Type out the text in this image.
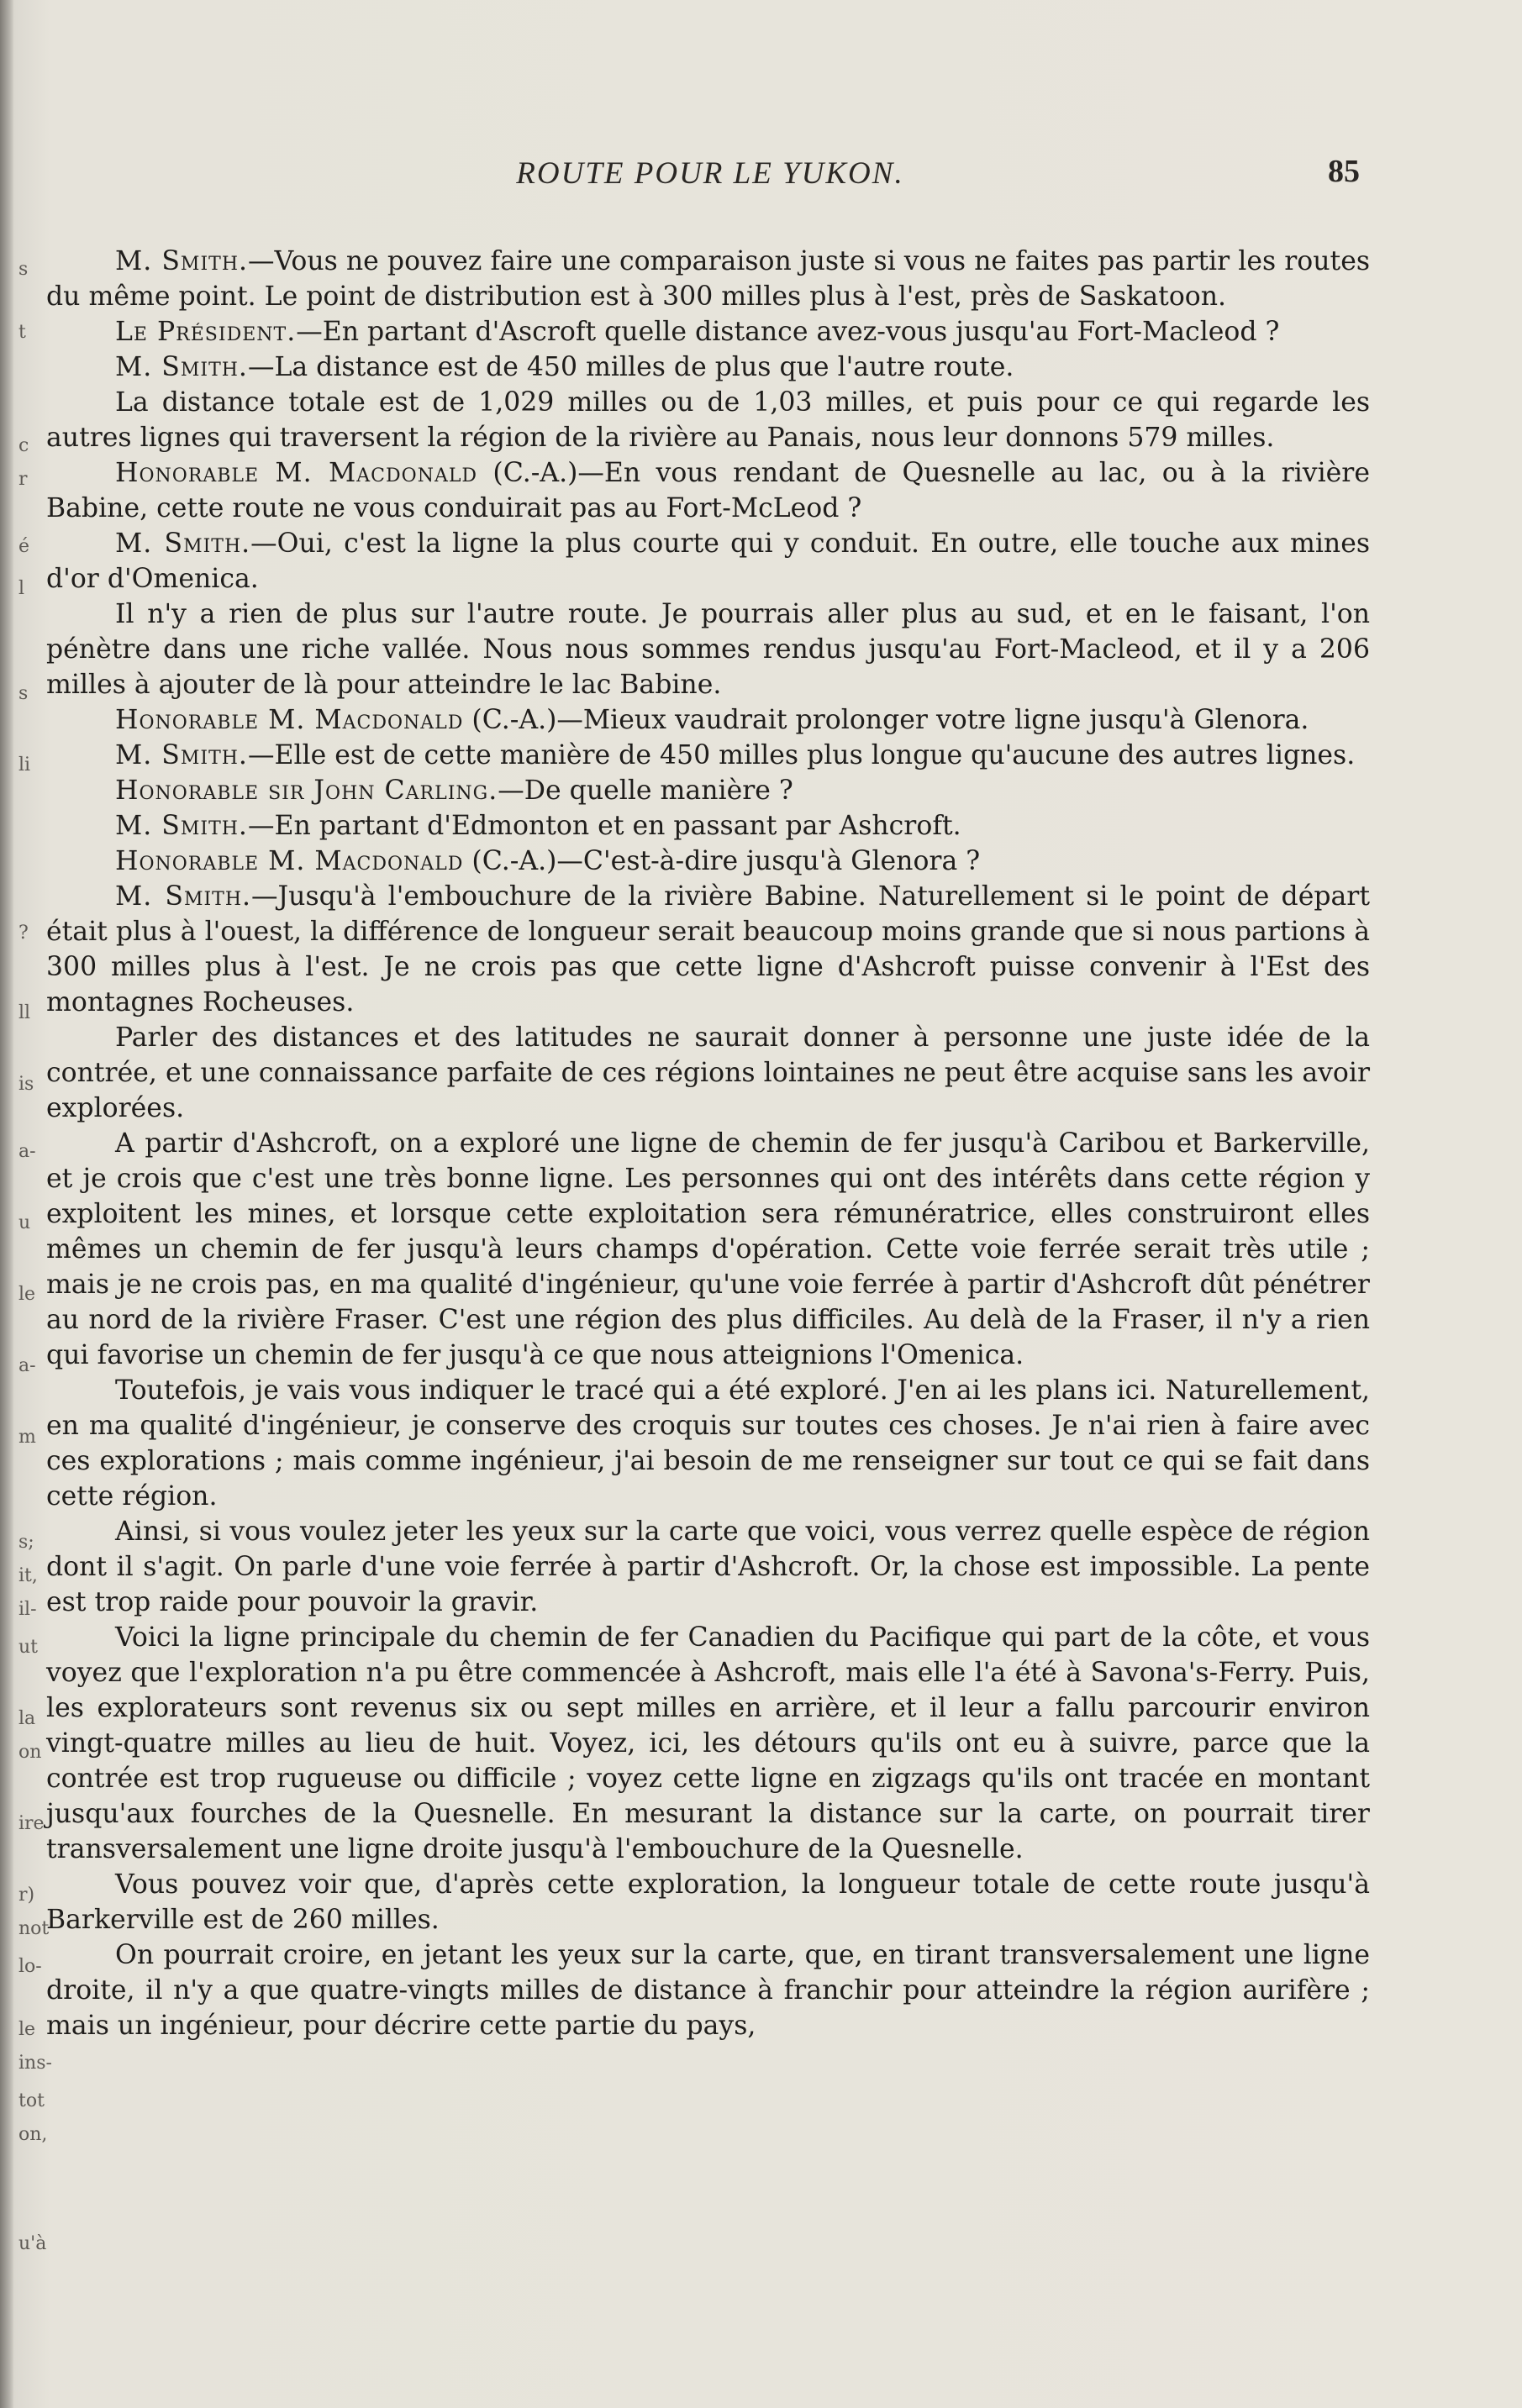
s
t
c
r
é
l
s
li
?
ll
is
a-
u
le
a-
m
s;
it,
il-
ut
la
on
ire
r)
not
lo-
le
ins-
tot
on,
u'à
ROUTE POUR LE YUKON.	85

M. Smith.—Vous ne pouvez faire une comparaison juste si vous ne faites pas partir les routes du même point. Le point de distribution est à 300 milles plus à l'est, près de Saskatoon.

Le Président.—En partant d'Ascroft quelle distance avez-vous jusqu'au Fort-Macleod ?

M. Smith.—La distance est de 450 milles de plus que l'autre route.

La distance totale est de 1,029 milles ou de 1,03 milles, et puis pour ce qui regarde les autres lignes qui traversent la région de la rivière au Panais, nous leur donnons 579 milles.

Honorable M. Macdonald (C.-A.)—En vous rendant de Quesnelle au lac, ou à la rivière Babine, cette route ne vous conduirait pas au Fort-McLeod ?

M. Smith.—Oui, c'est la ligne la plus courte qui y conduit. En outre, elle touche aux mines d'or d'Omenica.

Il n'y a rien de plus sur l'autre route. Je pourrais aller plus au sud, et en le faisant, l'on pénètre dans une riche vallée. Nous nous sommes rendus jusqu'au Fort-Macleod, et il y a 206 milles à ajouter de là pour atteindre le lac Babine.

Honorable M. Macdonald (C.-A.)—Mieux vaudrait prolonger votre ligne jusqu'à Glenora.

M. Smith.—Elle est de cette manière de 450 milles plus longue qu'aucune des autres lignes.

Honorable sir John Carling.—De quelle manière ?

M. Smith.—En partant d'Edmonton et en passant par Ashcroft.

Honorable M. Macdonald (C.-A.)—C'est-à-dire jusqu'à Glenora ?

M. Smith.—Jusqu'à l'embouchure de la rivière Babine. Naturellement si le point de départ était plus à l'ouest, la différence de longueur serait beaucoup moins grande que si nous partions à 300 milles plus à l'est. Je ne crois pas que cette ligne d'Ashcroft puisse convenir à l'Est des montagnes Rocheuses.

Parler des distances et des latitudes ne saurait donner à personne une juste idée de la contrée, et une connaissance parfaite de ces régions lointaines ne peut être acquise sans les avoir explorées.

A partir d'Ashcroft, on a exploré une ligne de chemin de fer jusqu'à Caribou et Barkerville, et je crois que c'est une très bonne ligne. Les personnes qui ont des intérêts dans cette région y exploitent les mines, et lorsque cette exploitation sera rémunératrice, elles construiront elles mêmes un chemin de fer jusqu'à leurs champs d'opération. Cette voie ferrée serait très utile ; mais je ne crois pas, en ma qualité d'ingénieur, qu'une voie ferrée à partir d'Ashcroft dût pénétrer au nord de la rivière Fraser. C'est une région des plus difficiles. Au delà de la Fraser, il n'y a rien qui favorise un chemin de fer jusqu'à ce que nous atteignions l'Omenica.

Toutefois, je vais vous indiquer le tracé qui a été exploré. J'en ai les plans ici. Naturellement, en ma qualité d'ingénieur, je conserve des croquis sur toutes ces choses. Je n'ai rien à faire avec ces explorations ; mais comme ingénieur, j'ai besoin de me renseigner sur tout ce qui se fait dans cette région.

Ainsi, si vous voulez jeter les yeux sur la carte que voici, vous verrez quelle espèce de région dont il s'agit. On parle d'une voie ferrée à partir d'Ashcroft. Or, la chose est impossible. La pente est trop raide pour pouvoir la gravir.

Voici la ligne principale du chemin de fer Canadien du Pacifique qui part de la côte, et vous voyez que l'exploration n'a pu être commencée à Ashcroft, mais elle l'a été à Savona's-Ferry. Puis, les explorateurs sont revenus six ou sept milles en arrière, et il leur a fallu parcourir environ vingt-quatre milles au lieu de huit. Voyez, ici, les détours qu'ils ont eu à suivre, parce que la contrée est trop rugueuse ou difficile ; voyez cette ligne en zigzags qu'ils ont tracée en montant jusqu'aux fourches de la Quesnelle. En mesurant la distance sur la carte, on pourrait tirer transversalement une ligne droite jusqu'à l'embouchure de la Quesnelle.

Vous pouvez voir que, d'après cette exploration, la longueur totale de cette route jusqu'à Barkerville est de 260 milles.

On pourrait croire, en jetant les yeux sur la carte, que, en tirant transversalement une ligne droite, il n'y a que quatre-vingts milles de distance à franchir pour atteindre la région aurifère ; mais un ingénieur, pour décrire cette partie du pays,
